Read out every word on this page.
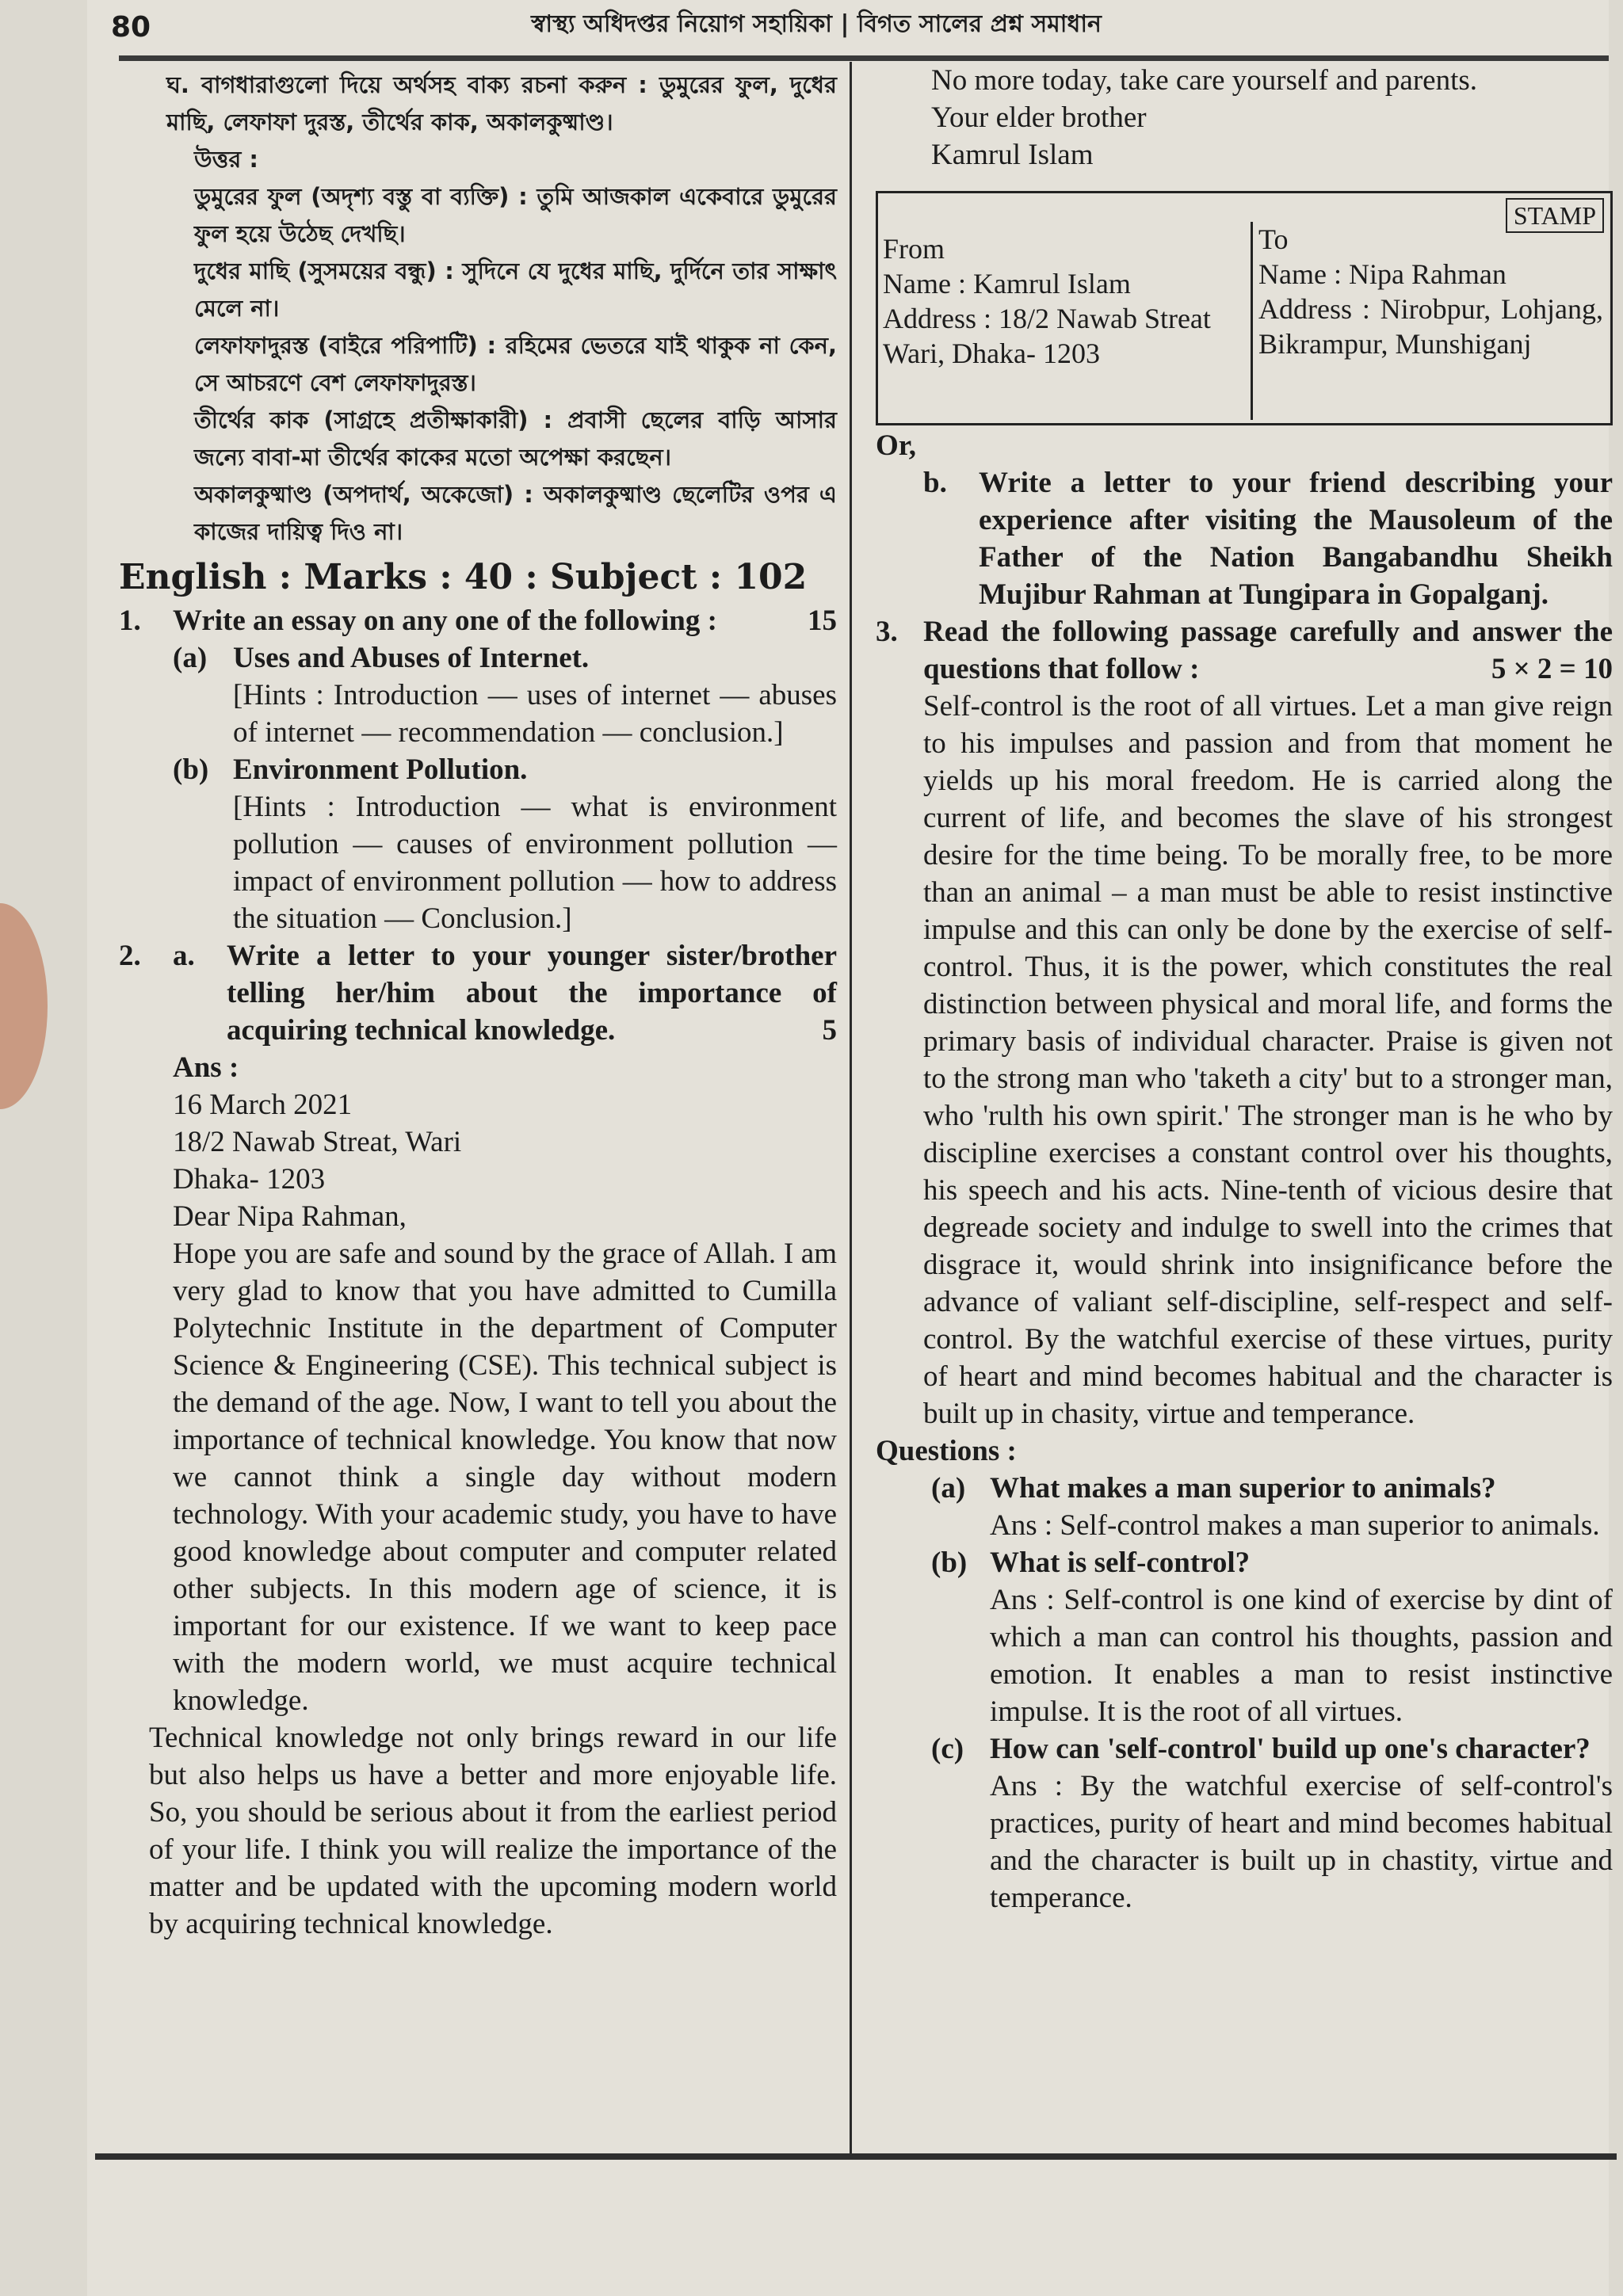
80	স্বাস্থ্য অধিদপ্তর নিয়োগ সহায়িকা | বিগত সালের প্রশ্ন সমাধান
ঘ. বাগধারাগুলো দিয়ে অর্থসহ বাক্য রচনা করুন : ডুমুরের ফুল, দুধের মাছি, লেফাফা দুরস্ত, তীর্থের কাক, অকালকুষ্মাণ্ড।
উত্তর :
ডুমুরের ফুল (অদৃশ্য বস্তু বা ব্যক্তি) : তুমি আজকাল একেবারে ডুমুরের ফুল হয়ে উঠেছ দেখছি।
দুধের মাছি (সুসময়ের বন্ধু) : সুদিনে যে দুধের মাছি, দুর্দিনে তার সাক্ষাৎ মেলে না।
লেফাফাদুরস্ত (বাইরে পরিপাটি) : রহিমের ভেতরে যাই থাকুক না কেন, সে আচরণে বেশ লেফাফাদুরস্ত।
তীর্থের কাক (সাগ্রহে প্রতীক্ষাকারী) : প্রবাসী ছেলের বাড়ি আসার জন্যে বাবা-মা তীর্থের কাকের মতো অপেক্ষা করছেন।
অকালকুষ্মাণ্ড (অপদার্থ, অকেজো) : অকালকুষ্মাণ্ড ছেলেটির ওপর এ কাজের দায়িত্ব দিও না।
English : Marks : 40 : Subject : 102
1.	Write an essay on any one of the following :	15
(a) Uses and Abuses of Internet.
[Hints : Introduction — uses of internet — abuses of internet — recommendation — conclusion.]
(b) Environment Pollution.
[Hints : Introduction — what is environment pollution — causes of environment pollution — impact of environment pollution — how to address the situation — Conclusion.]
2.	a.	Write a letter to your younger sister/brother telling her/him about the importance of acquiring technical knowledge.	5
Ans :
16 March 2021
18/2 Nawab Streat, Wari
Dhaka- 1203
Dear Nipa Rahman,
Hope you are safe and sound by the grace of Allah. I am very glad to know that you have admitted to Cumilla Polytechnic Institute in the department of Computer Science & Engineering (CSE). This technical subject is the demand of the age. Now, I want to tell you about the importance of technical knowledge. You know that now we cannot think a single day without modern technology. With your academic study, you have to have good knowledge about computer and computer related other subjects. In this modern age of science, it is important for our existence. If we want to keep pace with the modern world, we must acquire technical knowledge.
Technical knowledge not only brings reward in our life but also helps us have a better and more enjoyable life. So, you should be serious about it from the earliest period of your life. I think you will realize the importance of the matter and be updated with the upcoming modern world by acquiring technical knowledge.
No more today, take care yourself and parents.
Your elder brother
Kamrul Islam
STAMP
From
Name : Kamrul Islam
Address : 18/2 Nawab Streat Wari, Dhaka- 1203
To
Name : Nipa Rahman
Address : Nirobpur, Lohjang, Bikrampur, Munshiganj
Or,
b.	Write a letter to your friend describing your experience after visiting the Mausoleum of the Father of the Nation Bangabandhu Sheikh Mujibur Rahman at Tungipara in Gopalganj.
3. Read the following passage carefully and answer the questions that follow :	5 × 2 = 10
Self-control is the root of all virtues. Let a man give reign to his impulses and passion and from that moment he yields up his moral freedom. He is carried along the current of life, and becomes the slave of his strongest desire for the time being. To be morally free, to be more than an animal – a man must be able to resist instinctive impulse and this can only be done by the exercise of self-control. Thus, it is the power, which constitutes the real distinction between physical and moral life, and forms the primary basis of individual character. Praise is given not to the strong man who 'taketh a city' but to a stronger man, who 'rulth his own spirit.' The stronger man is he who by discipline exercises a constant control over his thoughts, his speech and his acts. Nine-tenth of vicious desire that degreade society and indulge to swell into the crimes that disgrace it, would shrink into insignificance before the advance of valiant self-discipline, self-respect and self-control. By the watchful exercise of these virtues, purity of heart and mind becomes habitual and the character is built up in chasity, virtue and temperance.
Questions :
(a) What makes a man superior to animals?
Ans : Self-control makes a man superior to animals.
(b) What is self-control?
Ans : Self-control is one kind of exercise by dint of which a man can control his thoughts, passion and emotion. It enables a man to resist instinctive impulse. It is the root of all virtues.
(c) How can 'self-control' build up one's character?
Ans : By the watchful exercise of self-control's practices, purity of heart and mind becomes habitual and the character is built up in chastity, virtue and temperance.
